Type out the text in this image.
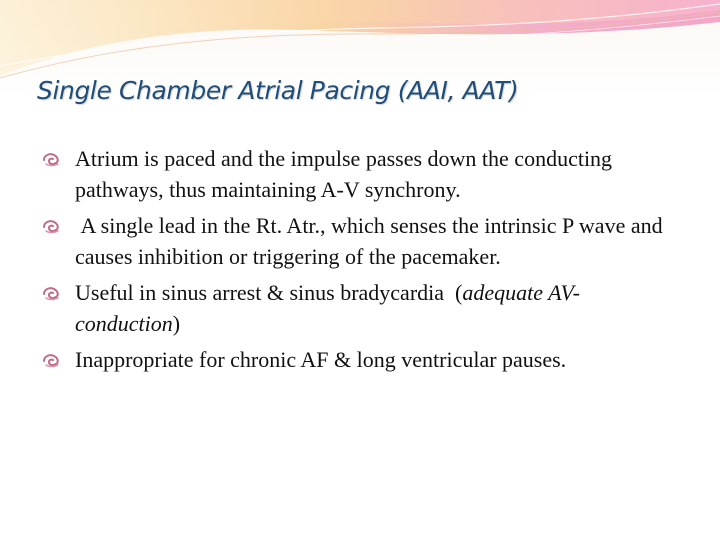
Single Chamber Atrial Pacing (AAI, AAT)
Atrium is paced and the impulse passes down the conducting pathways, thus maintaining A-V synchrony.
A single lead in the Rt. Atr., which senses the intrinsic P wave and causes inhibition or triggering of the pacemaker.
Useful in sinus arrest & sinus bradycardia  (adequate AV-conduction)
Inappropriate for chronic AF & long ventricular pauses.
